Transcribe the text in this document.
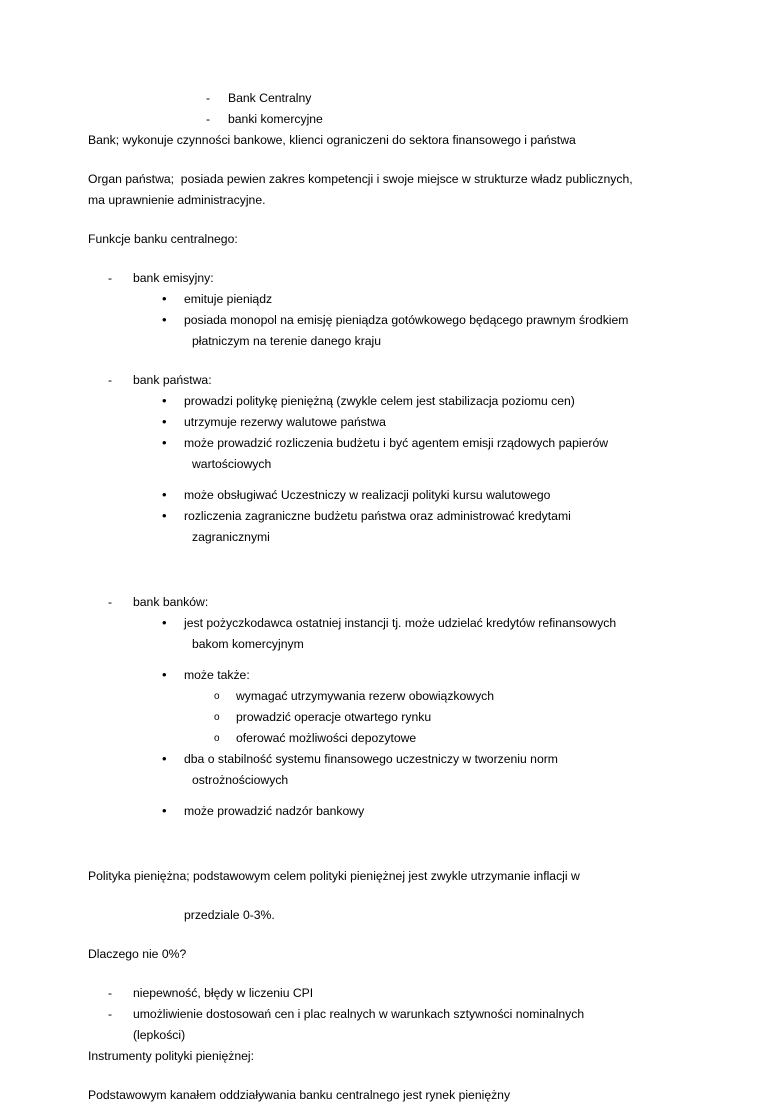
- Bank Centralny
- banki komercyjne
Bank; wykonuje czynności bankowe, klienci ograniczeni do sektora finansowego i państwa
Organ państwa;  posiada pewien zakres kompetencji i swoje miejsce w strukturze władz publicznych,
ma uprawnienie administracyjne.
Funkcje banku centralnego:
- bank emisyjny:
• emituje pieniądz
• posiada monopol na emisję pieniądza gotówkowego będącego prawnym środkiem
płatniczym na terenie danego kraju
- bank państwa:
• prowadzi politykę pieniężną (zwykle celem jest stabilizacja poziomu cen)
• utrzymuje rezerwy walutowe państwa
• może prowadzić rozliczenia budżetu i być agentem emisji rządowych papierów
wartościowych
• może obsługiwać Uczestniczy w realizacji polityki kursu walutowego
• rozliczenia zagraniczne budżetu państwa oraz administrować kredytami
zagranicznymi
- bank banków:
• jest pożyczkodawca ostatniej instancji tj. może udzielać kredytów refinansowych
bakom komercyjnym
• może także:
o wymagać utrzymywania rezerw obowiązkowych
o prowadzić operacje otwartego rynku
o oferować możliwości depozytowe
• dba o stabilność systemu finansowego uczestniczy w tworzeniu norm
ostrożnościowych
• może prowadzić nadzór bankowy
Polityka pieniężna; podstawowym celem polityki pieniężnej jest zwykle utrzymanie inflacji w
przedziale 0-3%.
Dlaczego nie 0%?
- niepewność, błędy w liczeniu CPI
- umożliwienie dostosowań cen i plac realnych w warunkach sztywności nominalnych
(lepkości)
Instrumenty polityki pieniężnej:
Podstawowym kanałem oddziaływania banku centralnego jest rynek pieniężny
